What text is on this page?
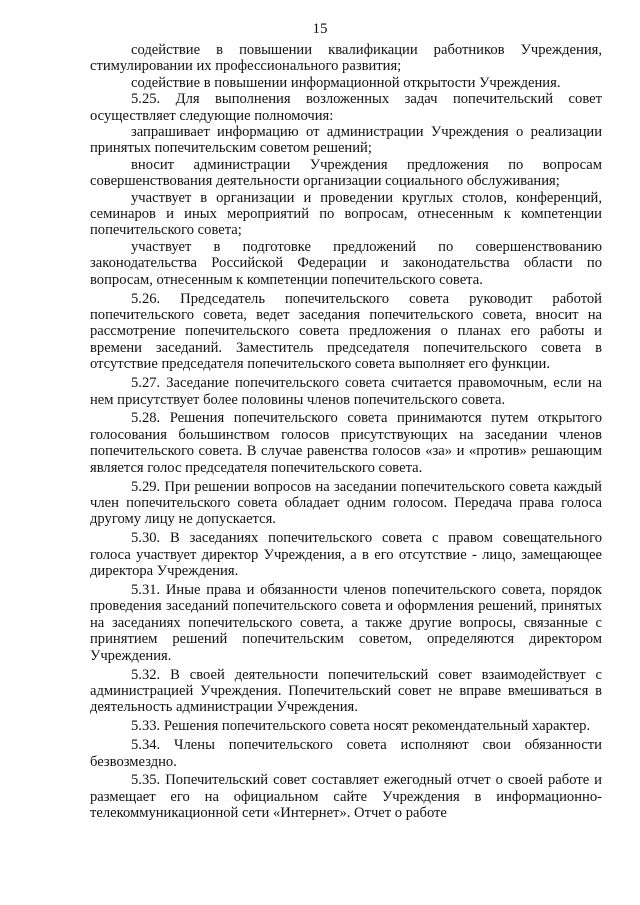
15

содействие в повышении квалификации работников Учреждения, стимулировании их профессионального развития;

содействие в повышении информационной открытости Учреждения.

5.25. Для выполнения возложенных задач попечительский совет осуществляет следующие полномочия:

запрашивает информацию от администрации Учреждения о реализации принятых попечительским советом решений;

вносит администрации Учреждения предложения по вопросам совершенствования деятельности организации социального обслуживания;

участвует в организации и проведении круглых столов, конференций, семинаров и иных мероприятий по вопросам, отнесенным к компетенции попечительского совета;

участвует в подготовке предложений по совершенствованию законодательства Российской Федерации и законодательства области по вопросам, отнесенным к компетенции попечительского совета.

5.26. Председатель попечительского совета руководит работой попечительского совета, ведет заседания попечительского совета, вносит на рассмотрение попечительского совета предложения о планах его работы и времени заседаний. Заместитель председателя попечительского совета в отсутствие председателя попечительского совета выполняет его функции.

5.27. Заседание попечительского совета считается правомочным, если на нем присутствует более половины членов попечительского совета.

5.28. Решения попечительского совета принимаются путем открытого голосования большинством голосов присутствующих на заседании членов попечительского совета. В случае равенства голосов «за» и «против» решающим является голос председателя попечительского совета.

5.29. При решении вопросов на заседании попечительского совета каждый член попечительского совета обладает одним голосом. Передача права голоса другому лицу не допускается.

5.30. В заседаниях попечительского совета с правом совещательного голоса участвует директор Учреждения, а в его отсутствие - лицо, замещающее директора Учреждения.

5.31. Иные права и обязанности членов попечительского совета, порядок проведения заседаний попечительского совета и оформления решений, принятых на заседаниях попечительского совета, а также другие вопросы, связанные с принятием решений попечительским советом, определяются директором Учреждения.

5.32. В своей деятельности попечительский совет взаимодействует с администрацией Учреждения. Попечительский совет не вправе вмешиваться в деятельность администрации Учреждения.

5.33. Решения попечительского совета носят рекомендательный характер.

5.34. Члены попечительского совета исполняют свои обязанности безвозмездно.

5.35. Попечительский совет составляет ежегодный отчет о своей работе и размещает его на официальном сайте Учреждения в информационно-телекоммуникационной сети «Интернет». Отчет о работе
